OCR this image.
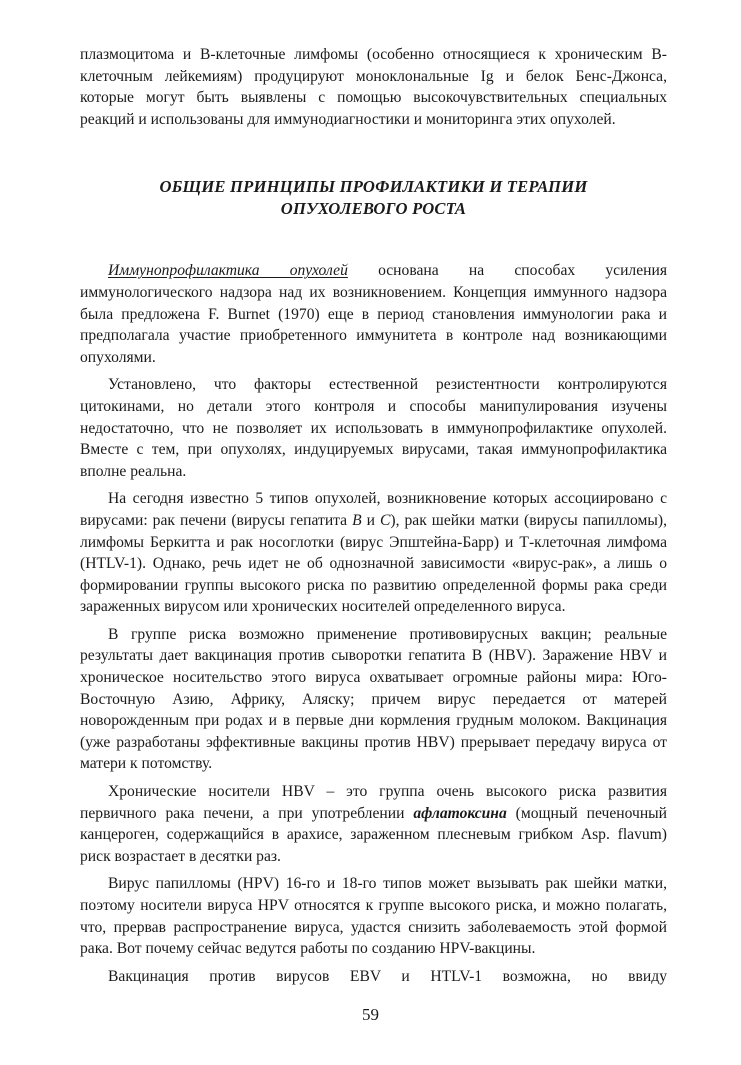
плазмоцитома и В-клеточные лимфомы (особенно относящиеся к хроническим В-клеточным лейкемиям) продуцируют моноклональные Ig и белок Бенс-Джонса, которые могут быть выявлены с помощью высокочувствительных специальных реакций и использованы для иммунодиагностики и мониторинга этих опухолей.

ОБЩИЕ ПРИНЦИПЫ ПРОФИЛАКТИКИ И ТЕРАПИИ
ОПУХОЛЕВОГО РОСТА

Иммунопрофилактика опухолей основана на способах усиления иммунологического надзора над их возникновением. Концепция иммунного надзора была предложена F. Burnet (1970) еще в период становления иммунологии рака и предполагала участие приобретенного иммунитета в контроле над возникающими опухолями.

Установлено, что факторы естественной резистентности контролируются цитокинами, но детали этого контроля и способы манипулирования изучены недостаточно, что не позволяет их использовать в иммунопрофилактике опухолей. Вместе с тем, при опухолях, индуцируемых вирусами, такая иммунопрофилактика вполне реальна.

На сегодня известно 5 типов опухолей, возникновение которых ассоциировано с вирусами: рак печени (вирусы гепатита B и C), рак шейки матки (вирусы папилломы), лимфомы Беркитта и рак носоглотки (вирус Эпштейна-Барр) и Т-клеточная лимфома (HTLV-1). Однако, речь идет не об однозначной зависимости «вирус-рак», а лишь о формировании группы высокого риска по развитию определенной формы рака среди зараженных вирусом или хронических носителей определенного вируса.

В группе риска возможно применение противовирусных вакцин; реальные результаты дает вакцинация против сыворотки гепатита В (HBV). Заражение HBV и хроническое носительство этого вируса охватывает огромные районы мира: Юго-Восточную Азию, Африку, Аляску; причем вирус передается от матерей новорожденным при родах и в первые дни кормления грудным молоком. Вакцинация (уже разработаны эффективные вакцины против HBV) прерывает передачу вируса от матери к потомству.

Хронические носители HBV – это группа очень высокого риска развития первичного рака печени, а при употреблении афлатоксина (мощный печеночный канцероген, содержащийся в арахисе, зараженном плесневым грибком Asp. flavum) риск возрастает в десятки раз.

Вирус папилломы (HPV) 16-го и 18-го типов может вызывать рак шейки матки, поэтому носители вируса HPV относятся к группе высокого риска, и можно полагать, что, прервав распространение вируса, удастся снизить заболеваемость этой формой рака. Вот почему сейчас ведутся работы по созданию HPV-вакцины.

Вакцинация против вирусов EBV и HTLV-1 возможна, но ввиду

59
